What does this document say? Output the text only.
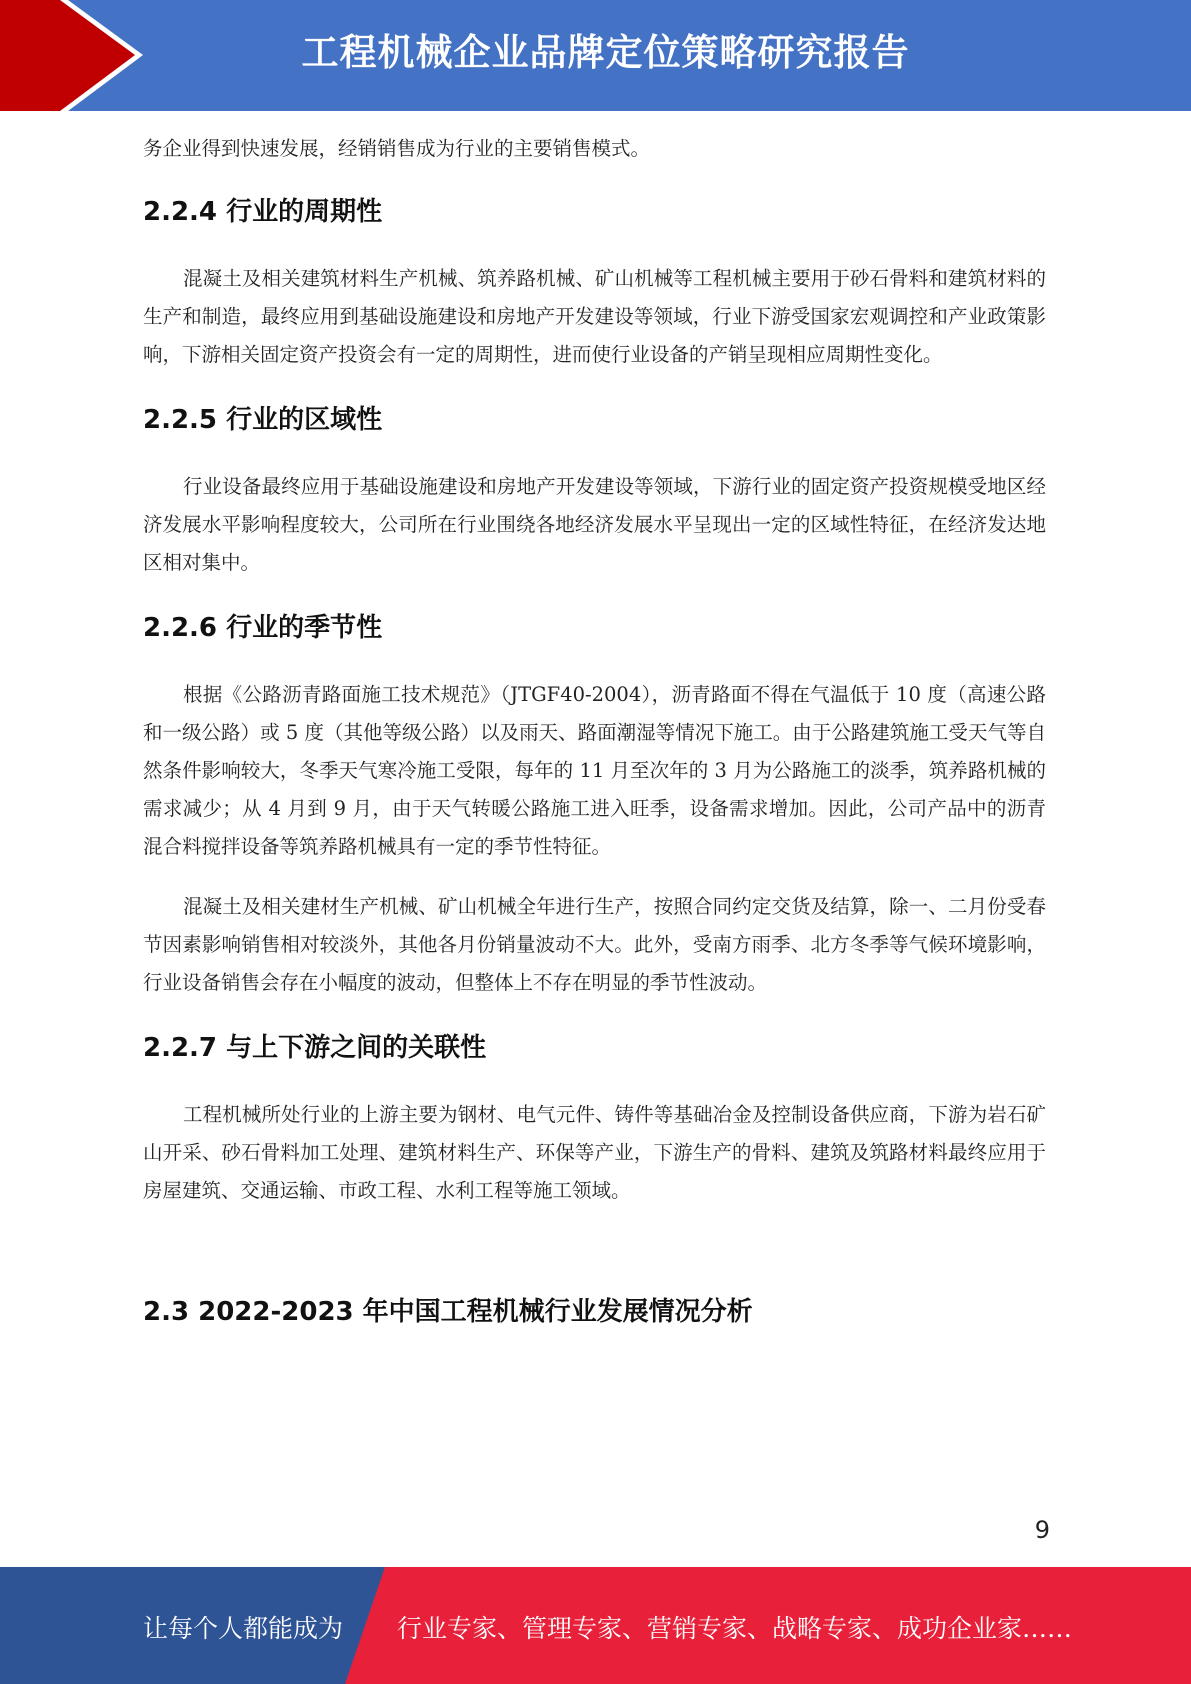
工程机械企业品牌定位策略研究报告

务企业得到快速发展，经销销售成为行业的主要销售模式。

2.2.4 行业的周期性

混凝土及相关建筑材料生产机械、筑养路机械、矿山机械等工程机械主要用于砂石骨料和建筑材料的生产和制造，最终应用到基础设施建设和房地产开发建设等领域，行业下游受国家宏观调控和产业政策影响，下游相关固定资产投资会有一定的周期性，进而使行业设备的产销呈现相应周期性变化。

2.2.5 行业的区域性

行业设备最终应用于基础设施建设和房地产开发建设等领域，下游行业的固定资产投资规模受地区经济发展水平影响程度较大，公司所在行业围绕各地经济发展水平呈现出一定的区域性特征，在经济发达地区相对集中。

2.2.6 行业的季节性

根据《公路沥青路面施工技术规范》（JTGF40-2004），沥青路面不得在气温低于 10 度（高速公路和一级公路）或 5 度（其他等级公路）以及雨天、路面潮湿等情况下施工。由于公路建筑施工受天气等自然条件影响较大，冬季天气寒冷施工受限，每年的 11 月至次年的 3 月为公路施工的淡季，筑养路机械的需求减少；从 4 月到 9 月，由于天气转暖公路施工进入旺季，设备需求增加。因此，公司产品中的沥青混合料搅拌设备等筑养路机械具有一定的季节性特征。

混凝土及相关建材生产机械、矿山机械全年进行生产，按照合同约定交货及结算，除一、二月份受春节因素影响销售相对较淡外，其他各月份销量波动不大。此外，受南方雨季、北方冬季等气候环境影响，行业设备销售会存在小幅度的波动，但整体上不存在明显的季节性波动。

2.2.7 与上下游之间的关联性

工程机械所处行业的上游主要为钢材、电气元件、铸件等基础冶金及控制设备供应商，下游为岩石矿山开采、砂石骨料加工处理、建筑材料生产、环保等产业，下游生产的骨料、建筑及筑路材料最终应用于房屋建筑、交通运输、市政工程、水利工程等施工领域。

2.3 2022-2023 年中国工程机械行业发展情况分析
9
让每个人都能成为 行业专家、管理专家、营销专家、战略专家、成功企业家……
